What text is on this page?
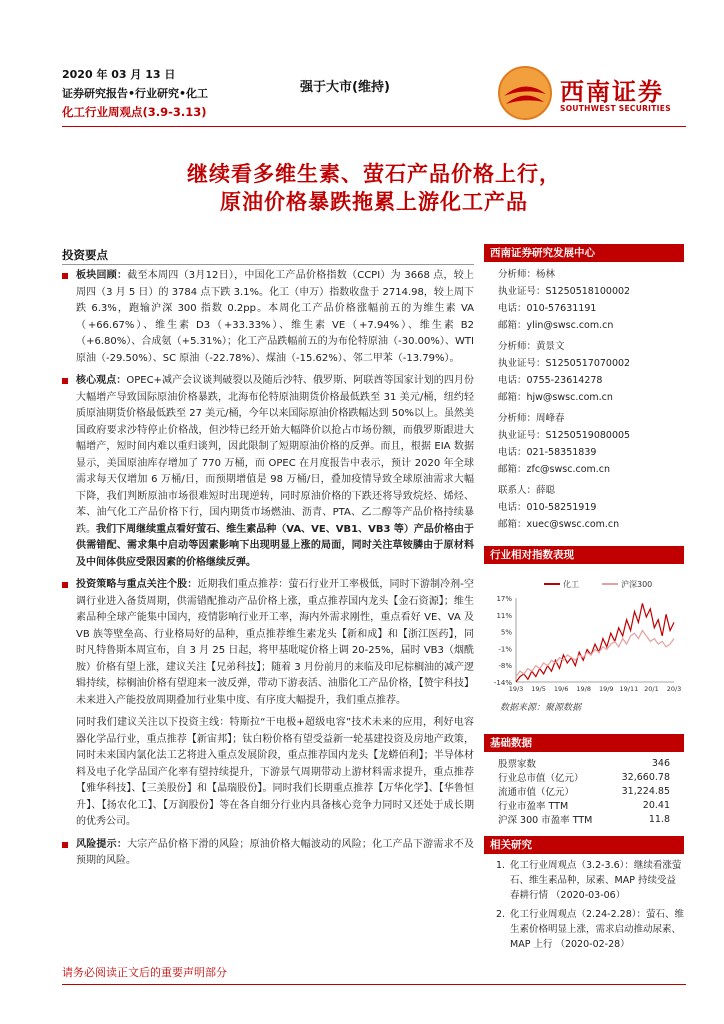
2020 年 03 月 13 日
证券研究报告•行业研究•化工
化工行业周观点(3.9-3.13)
强于大市(维持)	西南证券
SOUTHWEST SECURITIES
继续看多维生素、萤石产品价格上行，
原油价格暴跌拖累上游化工产品
投资要点
板块回顾：截至本周四（3月12日），中国化工产品价格指数（CCPI）为 3668 点，较上周四（3 月 5 日）的 3784 点下跌 3.1%。化工（申万）指数收盘于 2714.98，较上周下跌 6.3%，跑输沪深 300 指数 0.2pp。本周化工产品价格涨幅前五的为维生素 VA（+66.67%）、维生素 D3（+33.33%）、维生素 VE（+7.94%）、维生素 B2（+6.80%）、合成氨（+5.31%）；化工产品跌幅前五的为布伦特原油（-30.00%）、WTI 原油（-29.50%）、SC 原油（-22.78%）、煤油（-15.62%）、邻二甲苯（-13.79%）。
核心观点：OPEC+减产会议谈判破裂以及随后沙特、俄罗斯、阿联酋等国家计划的四月份大幅增产导致国际原油价格暴跌，北海布伦特原油期货价格最低跌至 31 美元/桶，纽约轻质原油期货价格最低跌至 27 美元/桶，今年以来国际原油价格跌幅达到 50%以上。虽然美国政府要求沙特停止价格战，但沙特已经开始大幅降价以抢占市场份额，而俄罗斯跟进大幅增产，短时间内难以重归谈判，因此限制了短期原油价格的反弹。而且，根据 EIA 数据显示，美国原油库存增加了 770 万桶，而 OPEC 在月度报告中表示，预计 2020 年全球需求每天仅增加 6 万桶/日，而预期增值是 98 万桶/日，叠加疫情导致全球原油需求大幅下降，我们判断原油市场很难短时出现逆转，同时原油价格的下跌还将导致烷烃、烯烃、苯、油气化工产品价格下行，国内期货市场燃油、沥青、PTA、乙二醇等产品价格持续暴跌。我们下周继续重点看好萤石、维生素品种（VA、VE、VB1、VB3 等）产品价格由于供需错配、需求集中启动等因素影响下出现明显上涨的局面，同时关注草铵膦由于原材料及中间体供应受限因素的价格继续反弹。
投资策略与重点关注个股：近期我们重点推荐：萤石行业开工率极低，同时下游制冷剂-空调行业进入备货周期，供需错配推动产品价格上涨，重点推荐国内龙头【金石资源】；维生素品种全球产能集中国内，疫情影响行业开工率，海内外需求刚性，重点看好 VE、VA 及 VB 族等壁垒高、行业格局好的品种，重点推荐维生素龙头【新和成】和【浙江医药】，同时凡特鲁斯本周宣布，自 3 月 25 日起，将甲基吡啶价格上调 20-25%，届时 VB3（烟酰胺）价格有望上涨，建议关注【兄弟科技】；随着 3 月份前月的来临及印尼棕榈油的减产逻辑持续，棕榈油价格有望迎来一波反弹，带动下游表活、油脂化工产品价格，【赞宇科技】未来进入产能投放周期叠加行业集中度、有序度大幅提升，我们重点推荐。
同时我们建议关注以下投资主线：特斯拉“干电极+超级电容”技术未来的应用，利好电容器化学品行业，重点推荐【新宙邦】；钛白粉价格有望受益新一轮基建投资及房地产政策，同时未来国内氯化法工艺将进入重点发展阶段，重点推荐国内龙头【龙蟒佰利】；半导体材料及电子化学品国产化率有望持续提升，下游景气周期带动上游材料需求提升，重点推荐【雅华科技】、【三美股份】和【晶瑞股份】。同时我们长期重点推荐【万华化学】、【华鲁恒升】、【扬农化工】、【万润股份】等在各自细分行业内具备核心竞争力同时又还处于成长期的优秀公司。
风险提示：大宗产品价格下滑的风险；原油价格大幅波动的风险；化工产品下游需求不及预期的风险。
西南证券研究发展中心
分析师：杨林
执业证号：S1250518100002
电话：010-57631191
邮箱：ylin@swsc.com.cn
分析师：黄景文
执业证号：S1250517070002
电话：0755-23614278
邮箱：hjw@swsc.com.cn
分析师：周峰春
执业证号：S1250519080005
电话：021-58351839
邮箱：zfc@swsc.com.cn
联系人：薛聪
电话：010-58251919
邮箱：xuec@swsc.com.cn
行业相对指数表现
化工	沪深300
17%
11%
5%
-1%
-8%
-14%
19/3 19/5 19/6 19/8 19/9 19/11 20/1 20/3
数据来源：聚源数据
基础数据
股票家数	346
行业总市值（亿元）	32,660.78
流通市值（亿元）	31,224.85
行业市盈率 TTM	20.41
沪深 300 市盈率 TTM	11.8
相关研究
1. 化工行业周观点（3.2-3.6）：继续看涨萤石、维生素品种，尿素、MAP 持续受益春耕行情 （2020-03-06）
2. 化工行业周观点（2.24-2.28）：萤石、维生素价格明显上涨，需求启动推动尿素、MAP 上行 （2020-02-28）
请务必阅读正文后的重要声明部分
